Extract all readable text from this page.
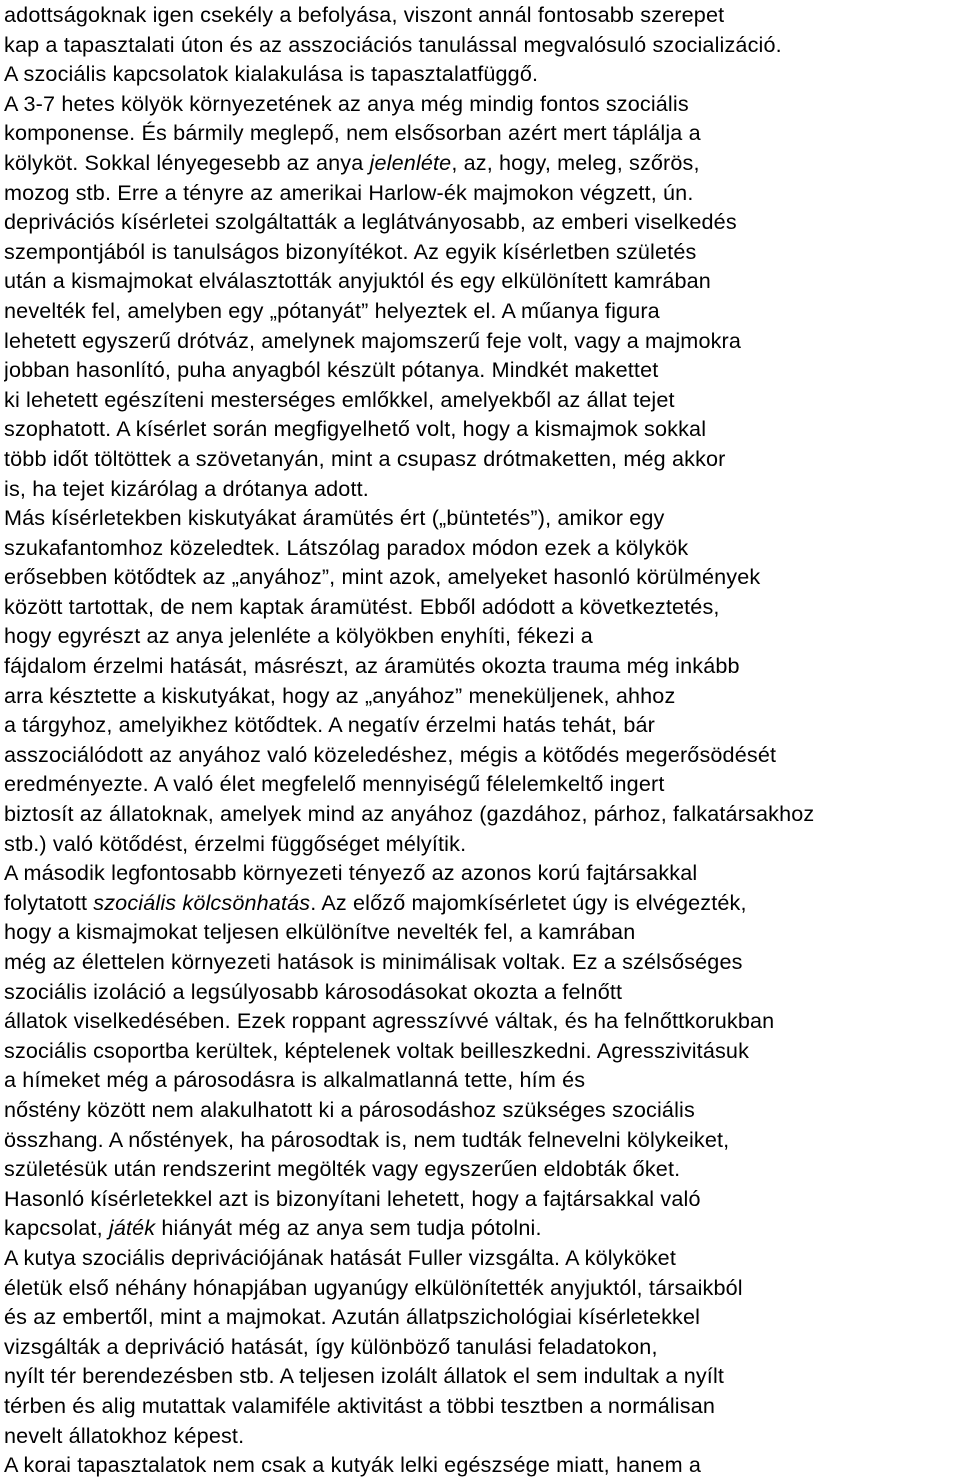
adottságoknak igen csekély a befolyása, viszont annál fontosabb szerepet
kap a tapasztalati úton és az asszociációs tanulással megvalósuló szocializáció.
A szociális kapcsolatok kialakulása is tapasztalatfüggő.
A 3-7 hetes kölyök környezetének az anya még mindig fontos szociális
komponense. És bármily meglepő, nem elsősorban azért mert táplálja a
kölyköt. Sokkal lényegesebb az anya jelenléte, az, hogy, meleg, szőrös,
mozog stb. Erre a tényre az amerikai Harlow-ék majmokon végzett, ún.
deprivációs kísérletei szolgáltatták a leglátványosabb, az emberi viselkedés
szempontjából is tanulságos bizonyítékot. Az egyik kísérletben születés
után a kismajmokat elválasztották anyjuktól és egy elkülönített kamrában
nevelték fel, amelyben egy „pótanyát” helyeztek el. A műanya figura
lehetett egyszerű drótváz, amelynek majomszerű feje volt, vagy a majmokra
jobban hasonlító, puha anyagból készült pótanya. Mindkét makettet
ki lehetett egészíteni mesterséges emlőkkel, amelyekből az állat tejet
szophatott. A kísérlet során megfigyelhető volt, hogy a kismajmok sokkal
több időt töltöttek a szövetanyán, mint a csupasz drótmaketten, még akkor
is, ha tejet kizárólag a drótanya adott.
Más kísérletekben kiskutyákat áramütés ért („büntetés”), amikor egy
szukafantomhoz közeledtek. Látszólag paradox módon ezek a kölykök
erősebben kötődtek az „anyához”, mint azok, amelyeket hasonló körülmények
között tartottak, de nem kaptak áramütést. Ebből adódott a következtetés,
hogy egyrészt az anya jelenléte a kölyökben enyhíti, fékezi a
fájdalom érzelmi hatását, másrészt, az áramütés okozta trauma még inkább
arra késztette a kiskutyákat, hogy az „anyához” meneküljenek, ahhoz
a tárgyhoz, amelyikhez kötődtek. A negatív érzelmi hatás tehát, bár
asszociálódott az anyához való közeledéshez, mégis a kötődés megerősödését
eredményezte. A való élet megfelelő mennyiségű félelemkeltő ingert
biztosít az állatoknak, amelyek mind az anyához (gazdához, párhoz, falkatársakhoz
stb.) való kötődést, érzelmi függőséget mélyítik.
A második legfontosabb környezeti tényező az azonos korú fajtársakkal
folytatott szociális kölcsönhatás. Az előző majomkísérletet úgy is elvégezték,
hogy a kismajmokat teljesen elkülönítve nevelték fel, a kamrában
még az élettelen környezeti hatások is minimálisak voltak. Ez a szélsőséges
szociális izoláció a legsúlyosabb károsodásokat okozta a felnőtt
állatok viselkedésében. Ezek roppant agresszívvé váltak, és ha felnőttkorukban
szociális csoportba kerültek, képtelenek voltak beilleszkedni. Agresszivitásuk
a hímeket még a párosodásra is alkalmatlanná tette, hím és
nőstény között nem alakulhatott ki a párosodáshoz szükséges szociális
összhang. A nőstények, ha párosodtak is, nem tudták felnevelni kölykeiket,
születésük után rendszerint megölték vagy egyszerűen eldobták őket.
Hasonló kísérletekkel azt is bizonyítani lehetett, hogy a fajtársakkal való
kapcsolat, játék hiányát még az anya sem tudja pótolni.
A kutya szociális deprivációjának hatását Fuller vizsgálta. A kölyköket
életük első néhány hónapjában ugyanúgy elkülönítették anyjuktól, társaikból
és az embertől, mint a majmokat. Azután állatpszichológiai kísérletekkel
vizsgálták a depriváció hatását, így különböző tanulási feladatokon,
nyílt tér berendezésben stb. A teljesen izolált állatok el sem indultak a nyílt
térben és alig mutattak valamiféle aktivitást a többi tesztben a normálisan
nevelt állatokhoz képest.
A korai tapasztalatok nem csak a kutyák lelki egészsége miatt, hanem a
